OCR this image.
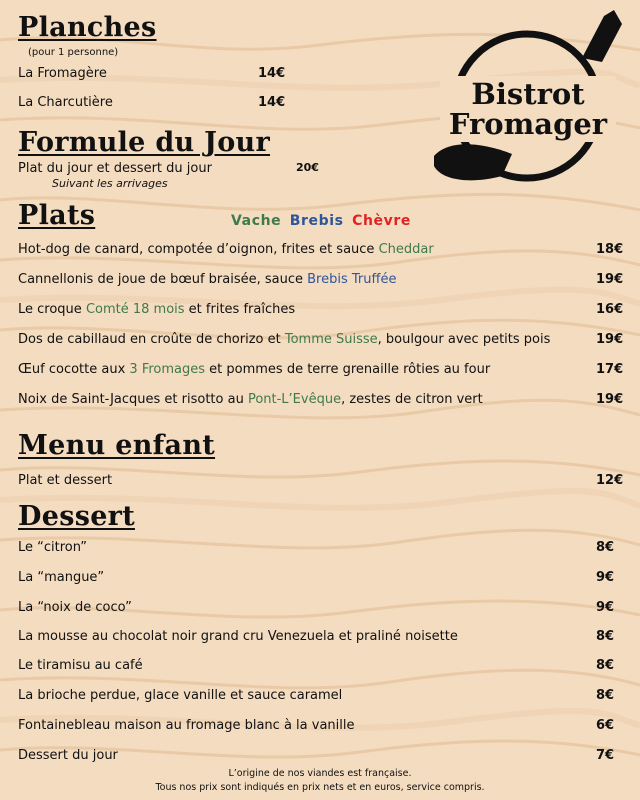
Bistrot
Fromager
Planches
(pour 1 personne)
La Fromagère	14€
La Charcutière	14€
Formule du Jour
Plat du jour et dessert du jour	20€
Suivant les arrivages
Plats	Vache Brebis Chèvre
Hot-dog de canard, compotée d’oignon, frites et sauce Cheddar	18€
Cannellonis de joue de bœuf braisée, sauce Brebis Truffée	19€
Le croque Comté 18 mois et frites fraîches	16€
Dos de cabillaud en croûte de chorizo et Tomme Suisse, boulgour avec petits pois	19€
Œuf cocotte aux 3 Fromages et pommes de terre grenaille rôties au four	17€
Noix de Saint-Jacques et risotto au Pont-L’Evêque, zestes de citron vert	19€
Menu enfant
Plat et dessert	12€
Dessert
Le “citron”	8€
La “mangue”	9€
La “noix de coco”	9€
La mousse au chocolat noir grand cru Venezuela et praliné noisette	8€
Le tiramisu au café	8€
La brioche perdue, glace vanille et sauce caramel	8€
Fontainebleau maison au fromage blanc à la vanille	6€
Dessert du jour	7€
L’origine de nos viandes est française.
Tous nos prix sont indiqués en prix nets et en euros, service compris.
